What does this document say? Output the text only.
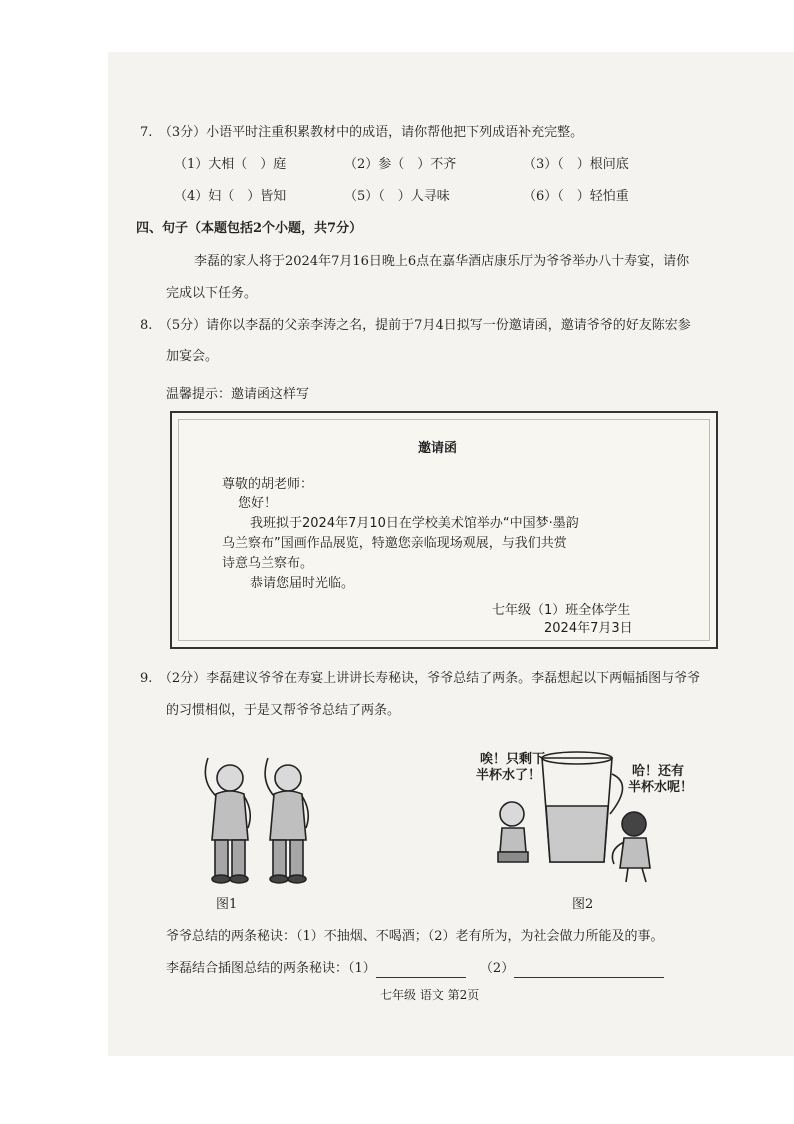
7.　（3分）小语平时注重积累教材中的成语，请你帮他把下列成语补充完整。
（1）大相（　）庭	（2）参（　）不齐	（3）（　）根问底
（4）妇（　）皆知	（5）（　）人寻味	（6）（　）轻怕重
四、句子（本题包括2个小题，共7分）
李磊的家人将于2024年7月16日晚上6点在嘉华酒店康乐厅为爷爷举办八十寿宴，请你
完成以下任务。
8.　（5分）请你以李磊的父亲李涛之名，提前于7月4日拟写一份邀请函，邀请爷爷的好友陈宏参
加宴会。
温馨提示：邀请函这样写
邀请函
尊敬的胡老师：
您好！
我班拟于2024年7月10日在学校美术馆举办“中国梦·墨韵
乌兰察布”国画作品展览，特邀您亲临现场观展，与我们共赏
诗意乌兰察布。
恭请您届时光临。
七年级（1）班全体学生
2024年7月3日
9.　（2分）李磊建议爷爷在寿宴上讲讲长寿秘诀，爷爷总结了两条。李磊想起以下两幅插图与爷爷
的习惯相似，于是又帮爷爷总结了两条。
图1
唉！只剩下
半杯水了！	哈！还有
半杯水呢！
图2
爷爷总结的两条秘诀：（1）不抽烟、不喝酒；（2）老有所为，为社会做力所能及的事。
李磊结合插图总结的两条秘诀：（1）	（2）
七年级 语文 第2页
